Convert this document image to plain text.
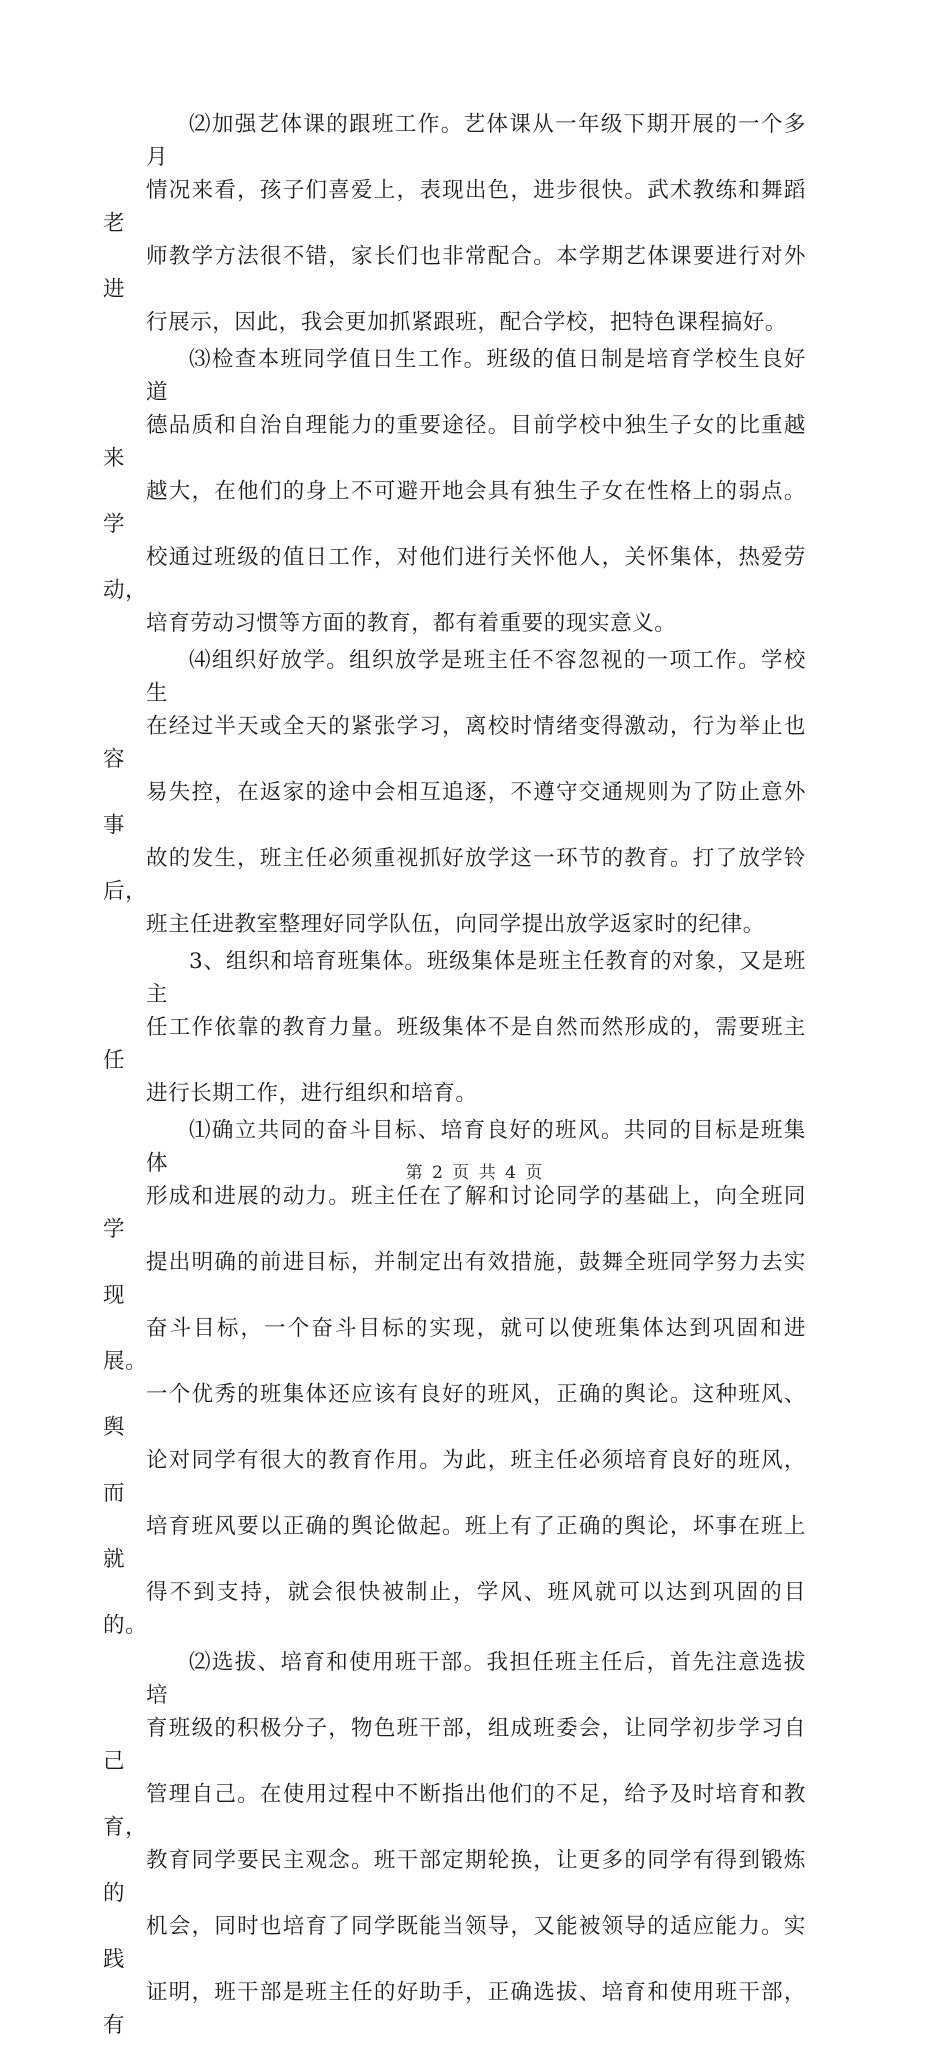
⑵加强艺体课的跟班工作。艺体课从一年级下期开展的一个多月
情况来看，孩子们喜爱上，表现出色，进步很快。武术教练和舞蹈老
师教学方法很不错，家长们也非常配合。本学期艺体课要进行对外进
行展示，因此，我会更加抓紧跟班，配合学校，把特色课程搞好。

⑶检查本班同学值日生工作。班级的值日制是培育学校生良好道
德品质和自治自理能力的重要途径。目前学校中独生子女的比重越来
越大，在他们的身上不可避开地会具有独生子女在性格上的弱点。学
校通过班级的值日工作，对他们进行关怀他人，关怀集体，热爱劳动，
培育劳动习惯等方面的教育，都有着重要的现实意义。

⑷组织好放学。组织放学是班主任不容忽视的一项工作。学校生
在经过半天或全天的紧张学习，离校时情绪变得激动，行为举止也容
易失控，在返家的途中会相互追逐，不遵守交通规则为了防止意外事
故的发生，班主任必须重视抓好放学这一环节的教育。打了放学铃后，
班主任进教室整理好同学队伍，向同学提出放学返家时的纪律。

3、组织和培育班集体。班级集体是班主任教育的对象，又是班主
任工作依靠的教育力量。班级集体不是自然而然形成的，需要班主任
进行长期工作，进行组织和培育。

⑴确立共同的奋斗目标、培育良好的班风。共同的目标是班集体
形成和进展的动力。班主任在了解和讨论同学的基础上，向全班同学
提出明确的前进目标，并制定出有效措施，鼓舞全班同学努力去实现
奋斗目标，一个奋斗目标的实现，就可以使班集体达到巩固和进展。
一个优秀的班集体还应该有良好的班风，正确的舆论。这种班风、舆
论对同学有很大的教育作用。为此，班主任必须培育良好的班风，而
培育班风要以正确的舆论做起。班上有了正确的舆论，坏事在班上就
得不到支持，就会很快被制止，学风、班风就可以达到巩固的目的。

⑵选拔、培育和使用班干部。我担任班主任后，首先注意选拔培
育班级的积极分子，物色班干部，组成班委会，让同学初步学习自己
管理自己。在使用过程中不断指出他们的不足，给予及时培育和教育，
教育同学要民主观念。班干部定期轮换，让更多的同学有得到锻炼的
机会，同时也培育了同学既能当领导，又能被领导的适应能力。实践
证明，班干部是班主任的好助手，正确选拔、培育和使用班干部，有

第 2 页 共 4 页
